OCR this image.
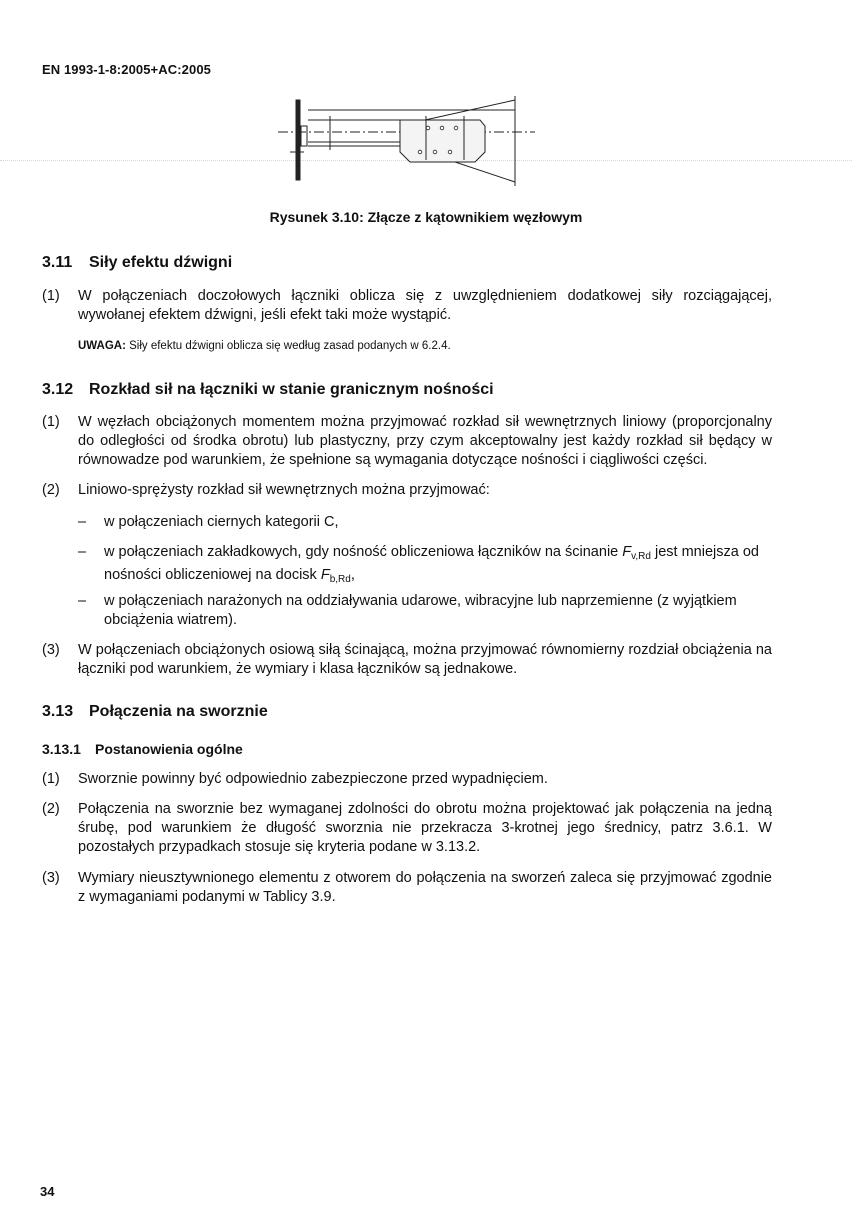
EN 1993-1-8:2005+AC:2005
Rysunek 3.10: Złącze z kątownikiem węzłowym
3.11 Siły efektu dźwigni
(1) W połączeniach doczołowych łączniki oblicza się z uwzględnieniem dodatkowej siły rozciągającej, wywołanej efektem dźwigni, jeśli efekt taki może wystąpić.
UWAGA: Siły efektu dźwigni oblicza się według zasad podanych w 6.2.4.
3.12 Rozkład sił na łączniki w stanie granicznym nośności
(1) W węzłach obciążonych momentem można przyjmować rozkład sił wewnętrznych liniowy (proporcjonalny do odległości od środka obrotu) lub plastyczny, przy czym akceptowalny jest każdy rozkład sił będący w równowadze pod warunkiem, że spełnione są wymagania dotyczące nośności i ciągliwości części.
(2) Liniowo-sprężysty rozkład sił wewnętrznych można przyjmować:
– w połączeniach ciernych kategorii C,
– w połączeniach zakładkowych, gdy nośność obliczeniowa łączników na ścinanie $F_{v,Rd}$ jest mniejsza od nośności obliczeniowej na docisk $F_{b,Rd}$,
– w połączeniach narażonych na oddziaływania udarowe, wibracyjne lub naprzemienne (z wyjątkiem obciążenia wiatrem).
(3) W połączeniach obciążonych osiową siłą ścinającą, można przyjmować równomierny rozdział obciążenia na łączniki pod warunkiem, że wymiary i klasa łączników są jednakowe.
3.13 Połączenia na sworznie
3.13.1 Postanowienia ogólne
(1) Sworznie powinny być odpowiednio zabezpieczone przed wypadnięciem.
(2) Połączenia na sworznie bez wymaganej zdolności do obrotu można projektować jak połączenia na jedną śrubę, pod warunkiem że długość sworznia nie przekracza 3-krotnej jego średnicy, patrz 3.6.1. W pozostałych przypadkach stosuje się kryteria podane w 3.13.2.
(3) Wymiary nieusztywnionego elementu z otworem do połączenia na sworzeń zaleca się przyjmować zgodnie z wymaganiami podanymi w Tablicy 3.9.
34
